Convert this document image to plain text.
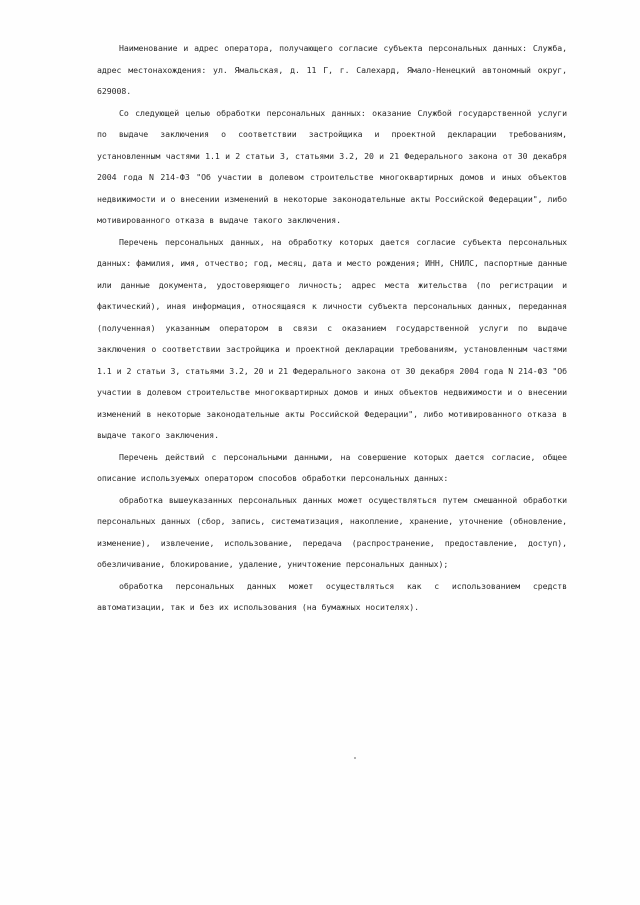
Наименование и адрес оператора, получающего согласие субъекта персональных данных: Служба, адрес местонахождения: ул. Ямальская, д. 11 Г, г. Салехард, Ямало-Ненецкий автономный округ, 629008.

Со следующей целью обработки персональных данных: оказание Службой государственной услуги по выдаче заключения о соответствии застройщика и проектной декларации требованиям, установленным частями 1.1 и 2 статьи 3, статьями 3.2, 20 и 21 Федерального закона от 30 декабря 2004 года N 214-ФЗ "Об участии в долевом строительстве многоквартирных домов и иных объектов недвижимости и о внесении изменений в некоторые законодательные акты Российской Федерации", либо мотивированного отказа в выдаче такого заключения.

Перечень персональных данных, на обработку которых дается согласие субъекта персональных данных: фамилия, имя, отчество; год, месяц, дата и место рождения; ИНН, СНИЛС, паспортные данные или данные документа, удостоверяющего личность; адрес места жительства (по регистрации и фактический), иная информация, относящаяся к личности субъекта персональных данных, переданная (полученная) указанным оператором в связи с оказанием государственной услуги по выдаче заключения о соответствии застройщика и проектной декларации требованиям, установленным частями 1.1 и 2 статьи 3, статьями 3.2, 20 и 21 Федерального закона от 30 декабря 2004 года N 214-ФЗ "Об участии в долевом строительстве многоквартирных домов и иных объектов недвижимости и о внесении изменений в некоторые законодательные акты Российской Федерации", либо мотивированного отказа в выдаче такого заключения.

Перечень действий с персональными данными, на совершение которых дается согласие, общее описание используемых оператором способов обработки персональных данных:

обработка вышеуказанных персональных данных может осуществляться путем смешанной обработки персональных данных (сбор, запись, систематизация, накопление, хранение, уточнение (обновление, изменение), извлечение, использование, передача (распространение, предоставление, доступ), обезличивание, блокирование, удаление, уничтожение персональных данных);

обработка персональных данных может осуществляться как с использованием средств автоматизации, так и без их использования (на бумажных носителях).
